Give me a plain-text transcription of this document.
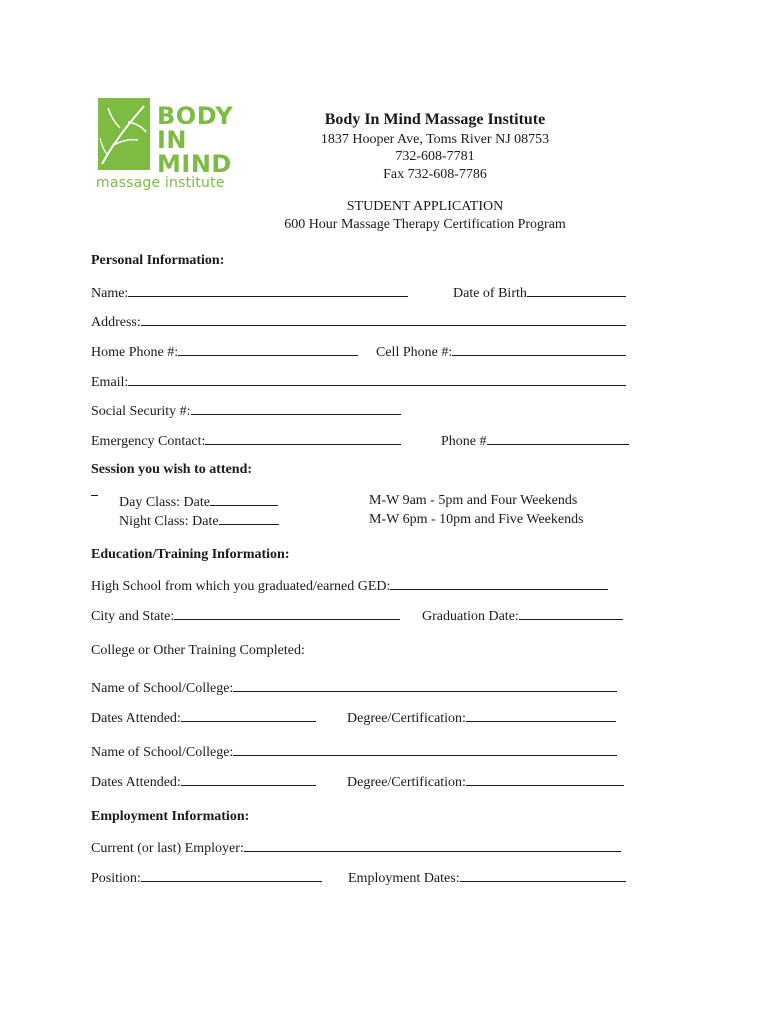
BODY
IN
MIND
massage institute
Body In Mind Massage Institute
1837 Hooper Ave, Toms River NJ 08753
732-608-7781
Fax 732-608-7786
STUDENT APPLICATION
600 Hour Massage Therapy Certification Program
Personal Information:
Name:	Date of Birth
Address:
Home Phone #:	Cell Phone #:
Email:
Social Security #:
Emergency Contact:	Phone #
Session you wish to attend:
Day Class: Date	M-W 9am - 5pm and Four Weekends
Night Class: Date	M-W 6pm - 10pm and Five Weekends
Education/Training Information:
High School from which you graduated/earned GED:
City and State:	Graduation Date:
College or Other Training Completed:
Name of School/College:
Dates Attended:	Degree/Certification:
Name of School/College:
Dates Attended:	Degree/Certification:
Employment Information:
Current (or last) Employer:
Position:	Employment Dates:
